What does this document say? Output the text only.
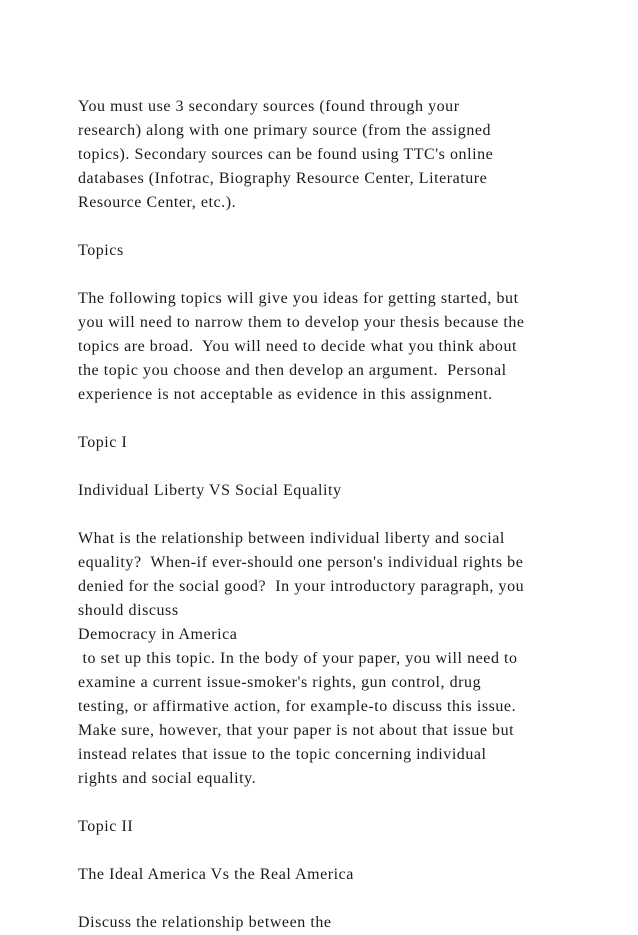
You must use 3 secondary sources (found through your
research) along with one primary source (from the assigned
topics). Secondary sources can be found using TTC's online
databases (Infotrac, Biography Resource Center, Literature
Resource Center, etc.).
Topics
The following topics will give you ideas for getting started, but
you will need to narrow them to develop your thesis because the
topics are broad.  You will need to decide what you think about
the topic you choose and then develop an argument.  Personal
experience is not acceptable as evidence in this assignment.
Topic I
Individual Liberty VS Social Equality
What is the relationship between individual liberty and social
equality?  When-if ever-should one person's individual rights be
denied for the social good?  In your introductory paragraph, you
should discuss
Democracy in America
to set up this topic. In the body of your paper, you will need to
examine a current issue-smoker's rights, gun control, drug
testing, or affirmative action, for example-to discuss this issue.
Make sure, however, that your paper is not about that issue but
instead relates that issue to the topic concerning individual
rights and social equality.
Topic II
The Ideal America Vs the Real America
Discuss the relationship between the
